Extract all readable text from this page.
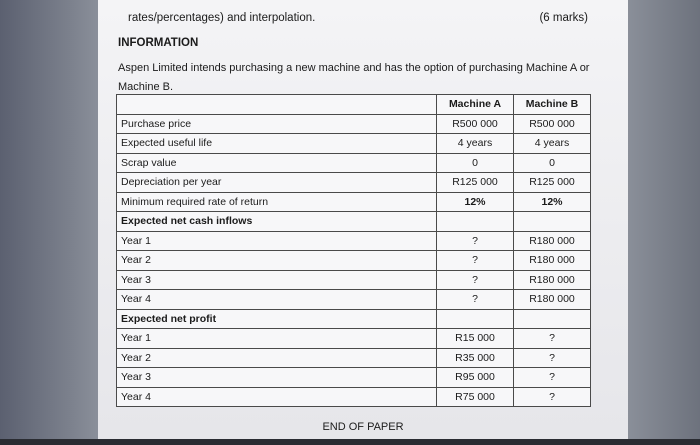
rates/percentages) and interpolation.	(6 marks)
INFORMATION
Aspen Limited intends purchasing a new machine and has the option of purchasing Machine A or Machine B.
	Machine A	Machine B
Purchase price	R500 000	R500 000
Expected useful life	4 years	4 years
Scrap value	0	0
Depreciation per year	R125 000	R125 000
Minimum required rate of return	12%	12%
Expected net cash inflows		
Year 1	?	R180 000
Year 2	?	R180 000
Year 3	?	R180 000
Year 4	?	R180 000
Expected net profit		
Year 1	R15 000	?
Year 2	R35 000	?
Year 3	R95 000	?
Year 4	R75 000	?
END OF PAPER
